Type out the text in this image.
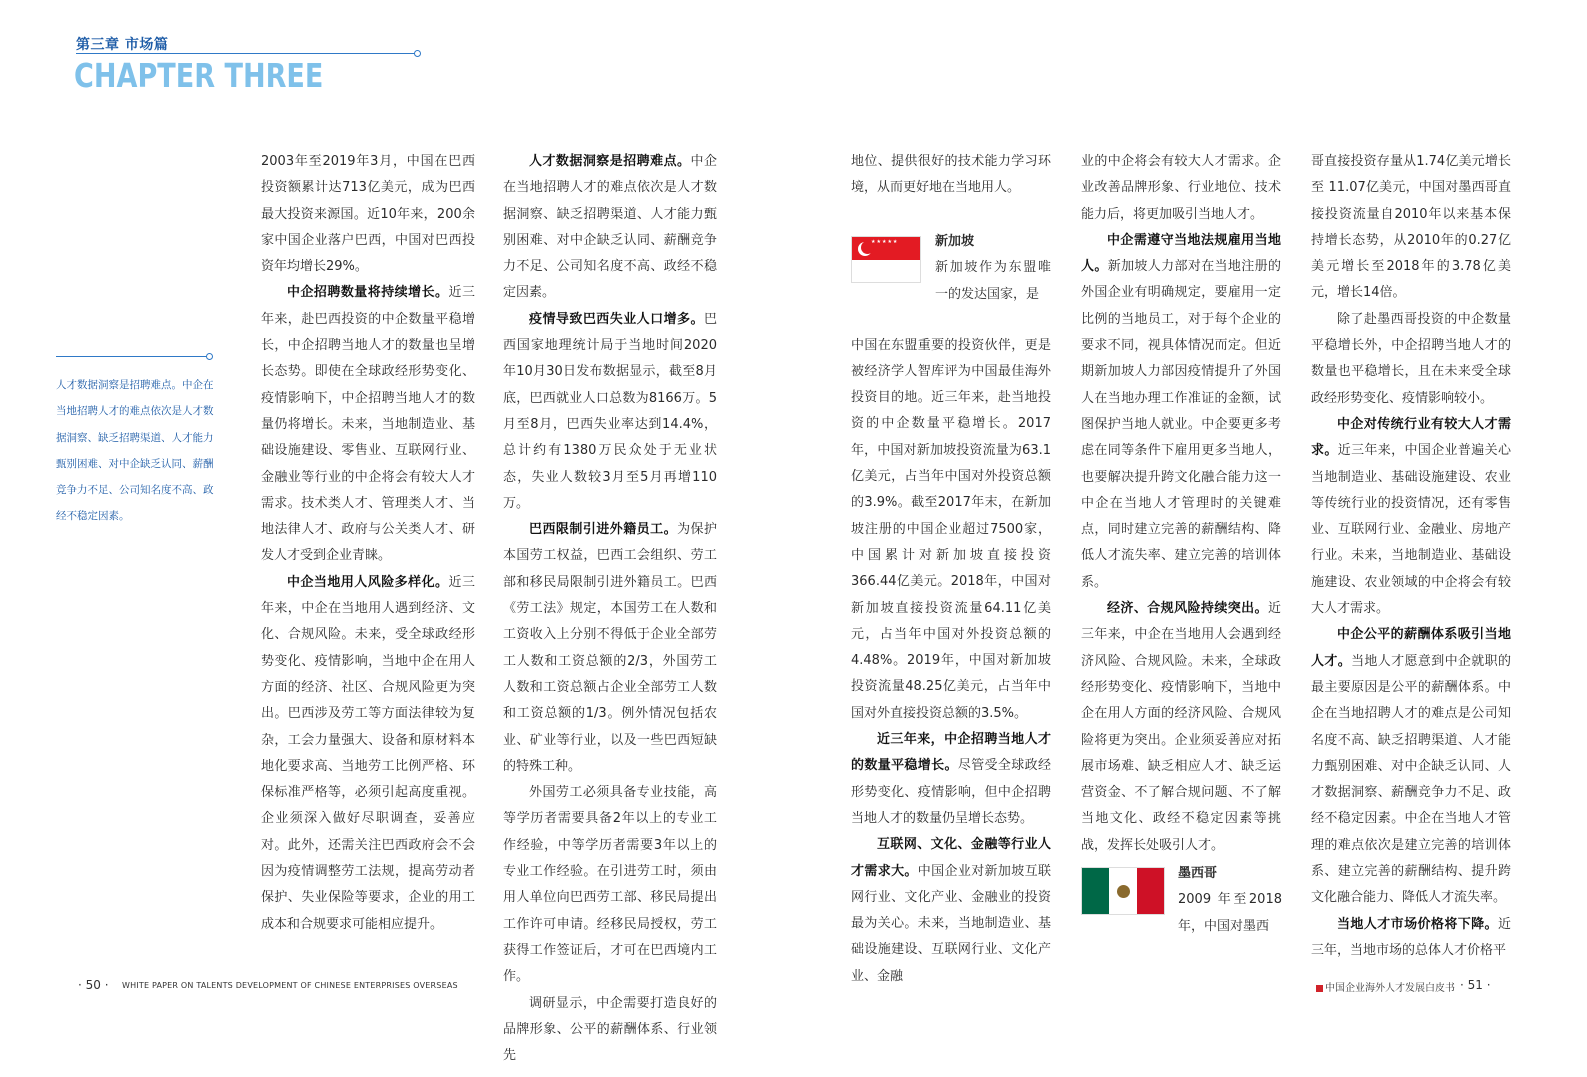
第三章 市场篇
CHAPTER THREE
人才数据洞察是招聘难点。中企在当地招聘人才的难点依次是人才数据洞察、缺乏招聘渠道、人才能力甄别困难、对中企缺乏认同、薪酬竞争力不足、公司知名度不高、政经不稳定因素。

2003年至2019年3月，中国在巴西投资额累计达713亿美元，成为巴西最大投资来源国。近10年来，200余家中国企业落户巴西，中国对巴西投资年均增长29%。

中企招聘数量将持续增长。近三年来，赴巴西投资的中企数量平稳增长，中企招聘当地人才的数量也呈增长态势。即使在全球政经形势变化、疫情影响下，中企招聘当地人才的数量仍将增长。未来，当地制造业、基础设施建设、零售业、互联网行业、金融业等行业的中企将会有较大人才需求。技术类人才、管理类人才、当地法律人才、政府与公关类人才、研发人才受到企业青睐。

中企当地用人风险多样化。近三年来，中企在当地用人遇到经济、文化、合规风险。未来，受全球政经形势变化、疫情影响，当地中企在用人方面的经济、社区、合规风险更为突出。巴西涉及劳工等方面法律较为复杂，工会力量强大、设备和原材料本地化要求高、当地劳工比例严格、环保标准严格等，必须引起高度重视。企业须深入做好尽职调查，妥善应对。此外，还需关注巴西政府会不会因为疫情调整劳工法规，提高劳动者保护、失业保险等要求，企业的用工成本和合规要求可能相应提升。

人才数据洞察是招聘难点。中企在当地招聘人才的难点依次是人才数据洞察、缺乏招聘渠道、人才能力甄别困难、对中企缺乏认同、薪酬竞争力不足、公司知名度不高、政经不稳定因素。

疫情导致巴西失业人口增多。巴西国家地理统计局于当地时间2020年10月30日发布数据显示，截至8月底，巴西就业人口总数为8166万。5月至8月，巴西失业率达到14.4%，总计约有1380万民众处于无业状态，失业人数较3月至5月再增110万。

巴西限制引进外籍员工。为保护本国劳工权益，巴西工会组织、劳工部和移民局限制引进外籍员工。巴西《劳工法》规定，本国劳工在人数和工资收入上分别不得低于企业全部劳工人数和工资总额的2/3，外国劳工人数和工资总额占企业全部劳工人数和工资总额的1/3。例外情况包括农业、矿业等行业，以及一些巴西短缺的特殊工种。

外国劳工必须具备专业技能，高等学历者需要具备2年以上的专业工作经验，中等学历者需要3年以上的专业工作经验。在引进劳工时，须由用人单位向巴西劳工部、移民局提出工作许可申请。经移民局授权，劳工获得工作签证后，才可在巴西境内工作。

调研显示，中企需要打造良好的品牌形象、公平的薪酬体系、行业领先

地位、提供很好的技术能力学习环境，从而更好地在当地用人。

中国在东盟重要的投资伙伴，更是被经济学人智库评为中国最佳海外投资目的地。近三年来，赴当地投资的中企数量平稳增长。2017年，中国对新加坡投资流量为63.1亿美元，占当年中国对外投资总额的3.9%。截至2017年末，在新加坡注册的中国企业超过7500家，中国累计对新加坡直接投资366.44亿美元。2018年，中国对新加坡直接投资流量64.11亿美元，占当年中国对外投资总额的4.48%。2019年，中国对新加坡投资流量48.25亿美元，占当年中国对外直接投资总额的3.5%。

近三年来，中企招聘当地人才的数量平稳增长。尽管受全球政经形势变化、疫情影响，但中企招聘当地人才的数量仍呈增长态势。

互联网、文化、金融等行业人才需求大。中国企业对新加坡互联网行业、文化产业、金融业的投资最为关心。未来，当地制造业、基础设施建设、互联网行业、文化产业、金融

★★★★★	新加坡

新加坡作为东盟唯一的发达国家，是

业的中企将会有较大人才需求。企业改善品牌形象、行业地位、技术能力后，将更加吸引当地人才。

中企需遵守当地法规雇用当地人。新加坡人力部对在当地注册的外国企业有明确规定，要雇用一定比例的当地员工，对于每个企业的要求不同，视具体情况而定。但近期新加坡人力部因疫情提升了外国人在当地办理工作准证的金额，试图保护当地人就业。中企要更多考虑在同等条件下雇用更多当地人，也要解决提升跨文化融合能力这一中企在当地人才管理时的关键难点，同时建立完善的薪酬结构、降低人才流失率、建立完善的培训体系。

经济、合规风险持续突出。近三年来，中企在当地用人会遇到经济风险、合规风险。未来，全球政经形势变化、疫情影响下，当地中企在用人方面的经济风险、合规风险将更为突出。企业须妥善应对拓展市场难、缺乏相应人才、缺乏运营资金、不了解合规问题、不了解当地文化、政经不稳定因素等挑战，发挥长处吸引人才。

墨西哥

2009 年至2018年，中国对墨西

哥直接投资存量从1.74亿美元增长至 11.07亿美元，中国对墨西哥直接投资流量自2010年以来基本保持增长态势，从2010年的0.27亿美元增长至2018年的3.78亿美元，增长14倍。

除了赴墨西哥投资的中企数量平稳增长外，中企招聘当地人才的数量也平稳增长，且在未来受全球政经形势变化、疫情影响较小。

中企对传统行业有较大人才需求。近三年来，中国企业普遍关心当地制造业、基础设施建设、农业等传统行业的投资情况，还有零售业、互联网行业、金融业、房地产行业。未来，当地制造业、基础设施建设、农业领域的中企将会有较大人才需求。

中企公平的薪酬体系吸引当地人才。当地人才愿意到中企就职的最主要原因是公平的薪酬体系。中企在当地招聘人才的难点是公司知名度不高、缺乏招聘渠道、人才能力甄别困难、对中企缺乏认同、人才数据洞察、薪酬竞争力不足、政经不稳定因素。中企在当地人才管理的难点依次是建立完善的培训体系、建立完善的薪酬结构、提升跨文化融合能力、降低人才流失率。

当地人才市场价格将下降。近三年，当地市场的总体人才价格平

· 50 · WHITE PAPER ON TALENTS DEVELOPMENT OF CHINESE ENTERPRISES OVERSEAS	中国企业海外人才发展白皮书 · 51 ·
